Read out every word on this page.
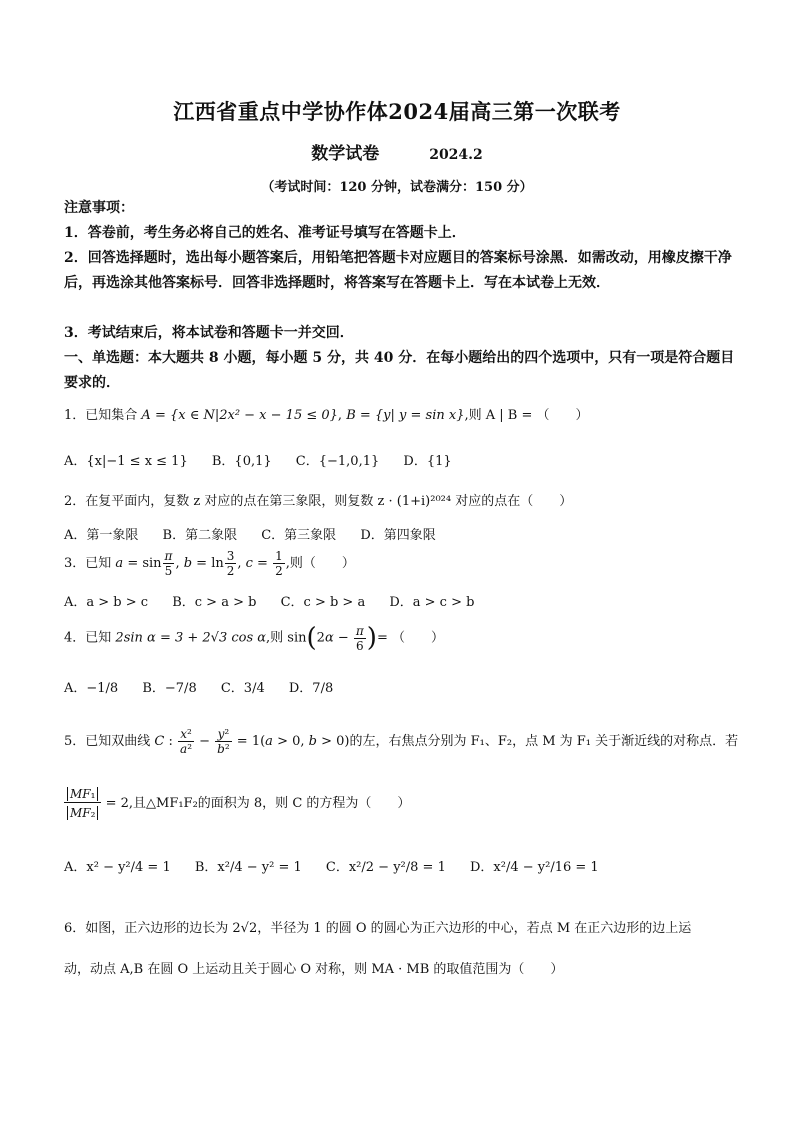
江西省重点中学协作体2024届高三第一次联考
数学试卷	2024.2
（考试时间：120 分钟，试卷满分：150 分）
注意事项：
1．答卷前，考生务必将自己的姓名、准考证号填写在答题卡上．
2．回答选择题时，选出每小题答案后，用铅笔把答题卡对应题目的答案标号涂黑．如需改动，用橡皮擦干净后，再选涂其他答案标号．回答非选择题时，将答案写在答题卡上．写在本试卷上无效．
3．考试结束后，将本试卷和答题卡一并交回．
一、单选题：本大题共 8 小题，每小题 5 分，共 40 分．在每小题给出的四个选项中，只有一项是符合题目要求的．
1．已知集合 A = {x ∈ N|2x² − x − 15 ≤ 0}, B = {y| y = sin x},则 A | B = （　　）
A．{x|−1 ≤ x ≤ 1} B．{0,1} C．{−1,0,1} D．{1}
2．在复平面内，复数 z 对应的点在第三象限，则复数 z · (1+i)²⁰²⁴ 对应的点在（　　）
A．第一象限 B．第二象限 C．第三象限 D．第四象限
3．已知 $a = \sin \frac{\pi}{5}$ , $b = \ln \frac{3}{2}$ , $c = \frac{1}{2}$ ,则（　　）
A．a > b > c B．c > a > b C．c > b > a D．a > c > b
4．已知 2sin α = 3 + 2√3 cos α,则 $\sin(2\alpha - \frac{\pi}{6}$ )= （　　）
A．−1/8 B．−7/8 C．3/4 D．7/8
5．已知双曲线 C : $\frac{\text{x²}}{\text{a²}} - \frac{\text{y²}}{\text{b²}} = 1(a > 0$, b > 0)的左，右焦点分别为 F₁、F₂，点 M 为 F₁ 关于渐近线的对称点．若
$\frac{\text{MF₁}}{\text{MF₂}} = 2$,且△MF₁F₂的面积为 8，则 C 的方程为（　　）
A．x² − y²/4 = 1 B．x²/4 − y² = 1 C．x²/2 − y²/8 = 1 D．x²/4 − y²/16 = 1
6．如图，正六边形的边长为 2√2，半径为 1 的圆 O 的圆心为正六边形的中心，若点 M 在正六边形的边上运
动，动点 A,B 在圆 O 上运动且关于圆心 O 对称，则 MA · MB 的取值范围为（　　）
